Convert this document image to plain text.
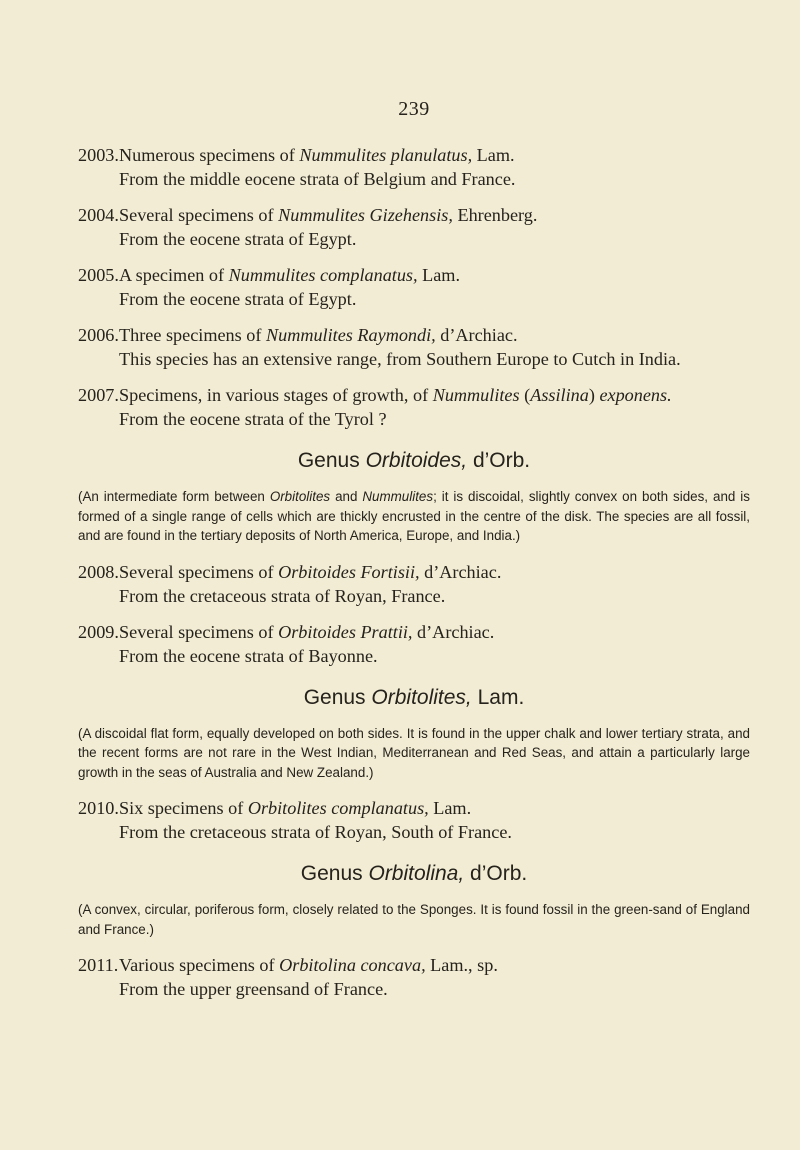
239
2003.Numerous specimens of Nummulites planulatus, Lam.
From the middle eocene strata of Belgium and France.
2004.Several specimens of Nummulites Gizehensis, Ehrenberg.
From the eocene strata of Egypt.
2005.A specimen of Nummulites complanatus, Lam.
From the eocene strata of Egypt.
2006.Three specimens of Nummulites Raymondi, d’Archiac.
This species has an extensive range, from Southern Europe to Cutch in India.
2007.Specimens, in various stages of growth, of Nummulites (Assilina) exponens.
From the eocene strata of the Tyrol ?
Genus Orbitoides, d’Orb.
(An intermediate form between Orbitolites and Nummulites; it is discoidal, slightly convex on both sides, and is formed of a single range of cells which are thickly encrusted in the centre of the disk. The species are all fossil, and are found in the tertiary deposits of North America, Europe, and India.)
2008.Several specimens of Orbitoides Fortisii, d’Archiac.
From the cretaceous strata of Royan, France.
2009.Several specimens of Orbitoides Prattii, d’Archiac.
From the eocene strata of Bayonne.
Genus Orbitolites, Lam.
(A discoidal flat form, equally developed on both sides. It is found in the upper chalk and lower tertiary strata, and the recent forms are not rare in the West Indian, Mediterranean and Red Seas, and attain a particularly large growth in the seas of Australia and New Zealand.)
2010.Six specimens of Orbitolites complanatus, Lam.
From the cretaceous strata of Royan, South of France.
Genus Orbitolina, d’Orb.
(A convex, circular, poriferous form, closely related to the Sponges. It is found fossil in the green-sand of England and France.)
2011.Various specimens of Orbitolina concava, Lam., sp.
From the upper greensand of France.
